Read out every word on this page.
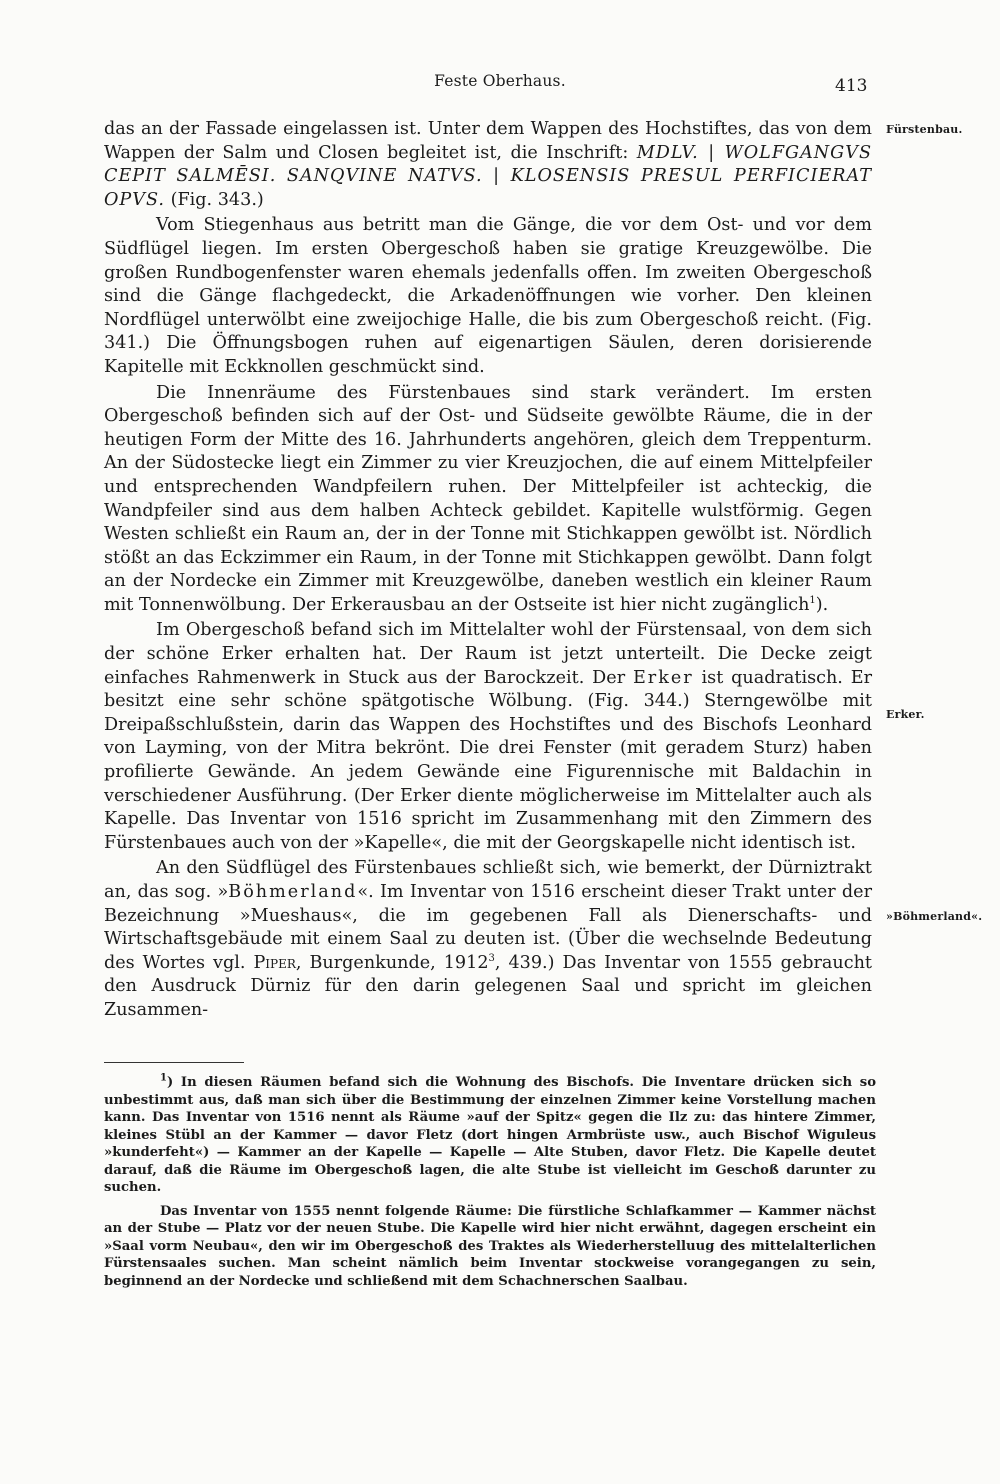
Feste Oberhaus.	413
Fürstenbau.
Erker.
»Böhmerland«.

das an der Fassade eingelassen ist. Unter dem Wappen des Hochstiftes, das von dem Wappen der Salm und Closen begleitet ist, die Inschrift: MDLV. | WOLFGANGVS CEPIT SALMĒSI. SANQVINE NATVS. | KLOSENSIS PRESUL PERFICIERAT OPVS. (Fig. 343.)

Vom Stiegenhaus aus betritt man die Gänge, die vor dem Ost- und vor dem Südflügel liegen. Im ersten Obergeschoß haben sie gratige Kreuzgewölbe. Die großen Rundbogenfenster waren ehemals jedenfalls offen. Im zweiten Obergeschoß sind die Gänge flachgedeckt, die Arkadenöffnungen wie vorher. Den kleinen Nordflügel unterwölbt eine zweijochige Halle, die bis zum Obergeschoß reicht. (Fig. 341.) Die Öffnungsbogen ruhen auf eigenartigen Säulen, deren dorisierende Kapitelle mit Eckknollen geschmückt sind.

Die Innenräume des Fürstenbaues sind stark verändert. Im ersten Obergeschoß befinden sich auf der Ost- und Südseite gewölbte Räume, die in der heutigen Form der Mitte des 16. Jahrhunderts angehören, gleich dem Treppenturm. An der Südostecke liegt ein Zimmer zu vier Kreuzjochen, die auf einem Mittelpfeiler und entsprechenden Wandpfeilern ruhen. Der Mittelpfeiler ist achteckig, die Wandpfeiler sind aus dem halben Achteck gebildet. Kapitelle wulstförmig. Gegen Westen schließt ein Raum an, der in der Tonne mit Stichkappen gewölbt ist. Nördlich stößt an das Eckzimmer ein Raum, in der Tonne mit Stichkappen gewölbt. Dann folgt an der Nordecke ein Zimmer mit Kreuzgewölbe, daneben westlich ein kleiner Raum mit Tonnenwölbung. Der Erkerausbau an der Ostseite ist hier nicht zugänglich$^1$).

Im Obergeschoß befand sich im Mittelalter wohl der Fürstensaal, von dem sich der schöne Erker erhalten hat. Der Raum ist jetzt unterteilt. Die Decke zeigt einfaches Rahmenwerk in Stuck aus der Barockzeit. Der Erker ist quadratisch. Er besitzt eine sehr schöne spätgotische Wölbung. (Fig. 344.) Sterngewölbe mit Dreipaßschlußstein, darin das Wappen des Hochstiftes und des Bischofs Leonhard von Layming, von der Mitra bekrönt. Die drei Fenster (mit geradem Sturz) haben profilierte Gewände. An jedem Gewände eine Figurennische mit Baldachin in verschiedener Ausführung. (Der Erker diente möglicherweise im Mittelalter auch als Kapelle. Das Inventar von 1516 spricht im Zusammenhang mit den Zimmern des Fürstenbaues auch von der »Kapelle«, die mit der Georgskapelle nicht identisch ist.

An den Südflügel des Fürstenbaues schließt sich, wie bemerkt, der Dürniztrakt an, das sog. »Böhmerland«. Im Inventar von 1516 erscheint dieser Trakt unter der Bezeichnung »Mueshaus«, die im gegebenen Fall als Dienerschafts- und Wirtschaftsgebäude mit einem Saal zu deuten ist. (Über die wechselnde Bedeutung des Wortes vgl. Piper, Burgenkunde, 1912$^3$, 439.) Das Inventar von 1555 gebraucht den Ausdruck Dürniz für den darin gelegenen Saal und spricht im gleichen Zusammen-

$^1$) In diesen Räumen befand sich die Wohnung des Bischofs. Die Inventare drücken sich so unbestimmt aus, daß man sich über die Bestimmung der einzelnen Zimmer keine Vorstellung machen kann. Das Inventar von 1516 nennt als Räume »auf der Spitz« gegen die Ilz zu: das hintere Zimmer, kleines Stübl an der Kammer — davor Fletz (dort hingen Armbrüste usw., auch Bischof Wiguleus »kunderfeht«) — Kammer an der Kapelle — Kapelle — Alte Stuben, davor Fletz. Die Kapelle deutet darauf, daß die Räume im Obergeschoß lagen, die alte Stube ist vielleicht im Geschoß darunter zu suchen.

Das Inventar von 1555 nennt folgende Räume: Die fürstliche Schlafkammer — Kammer nächst an der Stube — Platz vor der neuen Stube. Die Kapelle wird hier nicht erwähnt, dagegen erscheint ein »Saal vorm Neubau«, den wir im Obergeschoß des Traktes als Wiederherstelluug des mittelalterlichen Fürstensaales suchen. Man scheint nämlich beim Inventar stockweise vorangegangen zu sein, beginnend an der Nordecke und schließend mit dem Schachnerschen Saalbau.
